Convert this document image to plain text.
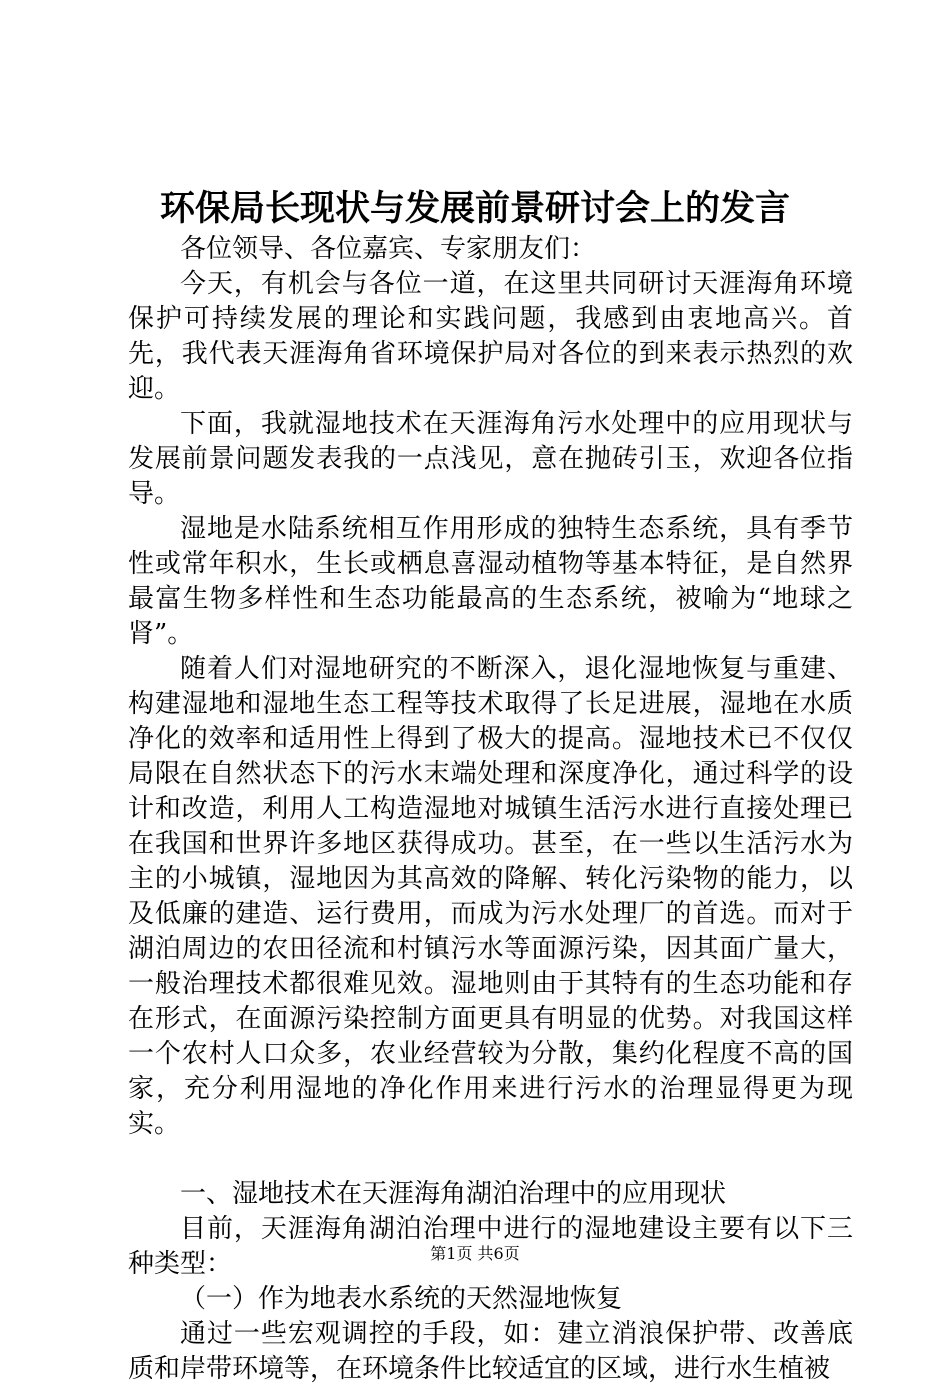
环保局长现状与发展前景研讨会上的发言

各位领导、各位嘉宾、专家朋友们：

今天，有机会与各位一道，在这里共同研讨天涯海角环境保护可持续发展的理论和实践问题，我感到由衷地高兴。首先，我代表天涯海角省环境保护局对各位的到来表示热烈的欢迎。

下面，我就湿地技术在天涯海角污水处理中的应用现状与发展前景问题发表我的一点浅见，意在抛砖引玉，欢迎各位指导。

湿地是水陆系统相互作用形成的独特生态系统，具有季节性或常年积水，生长或栖息喜湿动植物等基本特征，是自然界最富生物多样性和生态功能最高的生态系统，被喻为“地球之肾”。

随着人们对湿地研究的不断深入，退化湿地恢复与重建、构建湿地和湿地生态工程等技术取得了长足进展，湿地在水质净化的效率和适用性上得到了极大的提高。湿地技术已不仅仅局限在自然状态下的污水末端处理和深度净化，通过科学的设计和改造，利用人工构造湿地对城镇生活污水进行直接处理已在我国和世界许多地区获得成功。甚至，在一些以生活污水为主的小城镇，湿地因为其高效的降解、转化污染物的能力，以及低廉的建造、运行费用，而成为污水处理厂的首选。而对于湖泊周边的农田径流和村镇污水等面源污染，因其面广量大，一般治理技术都很难见效。湿地则由于其特有的生态功能和存在形式，在面源污染控制方面更具有明显的优势。对我国这样一个农村人口众多，农业经营较为分散，集约化程度不高的国家，充分利用湿地的净化作用来进行污水的治理显得更为现实。

一、湿地技术在天涯海角湖泊治理中的应用现状

目前，天涯海角湖泊治理中进行的湿地建设主要有以下三种类型：

（一）作为地表水系统的天然湿地恢复

通过一些宏观调控的手段，如：建立消浪保护带、改善底质和岸带环境等，在环境条件比较适宜的区域，进行水生植被

第1页 共6页
